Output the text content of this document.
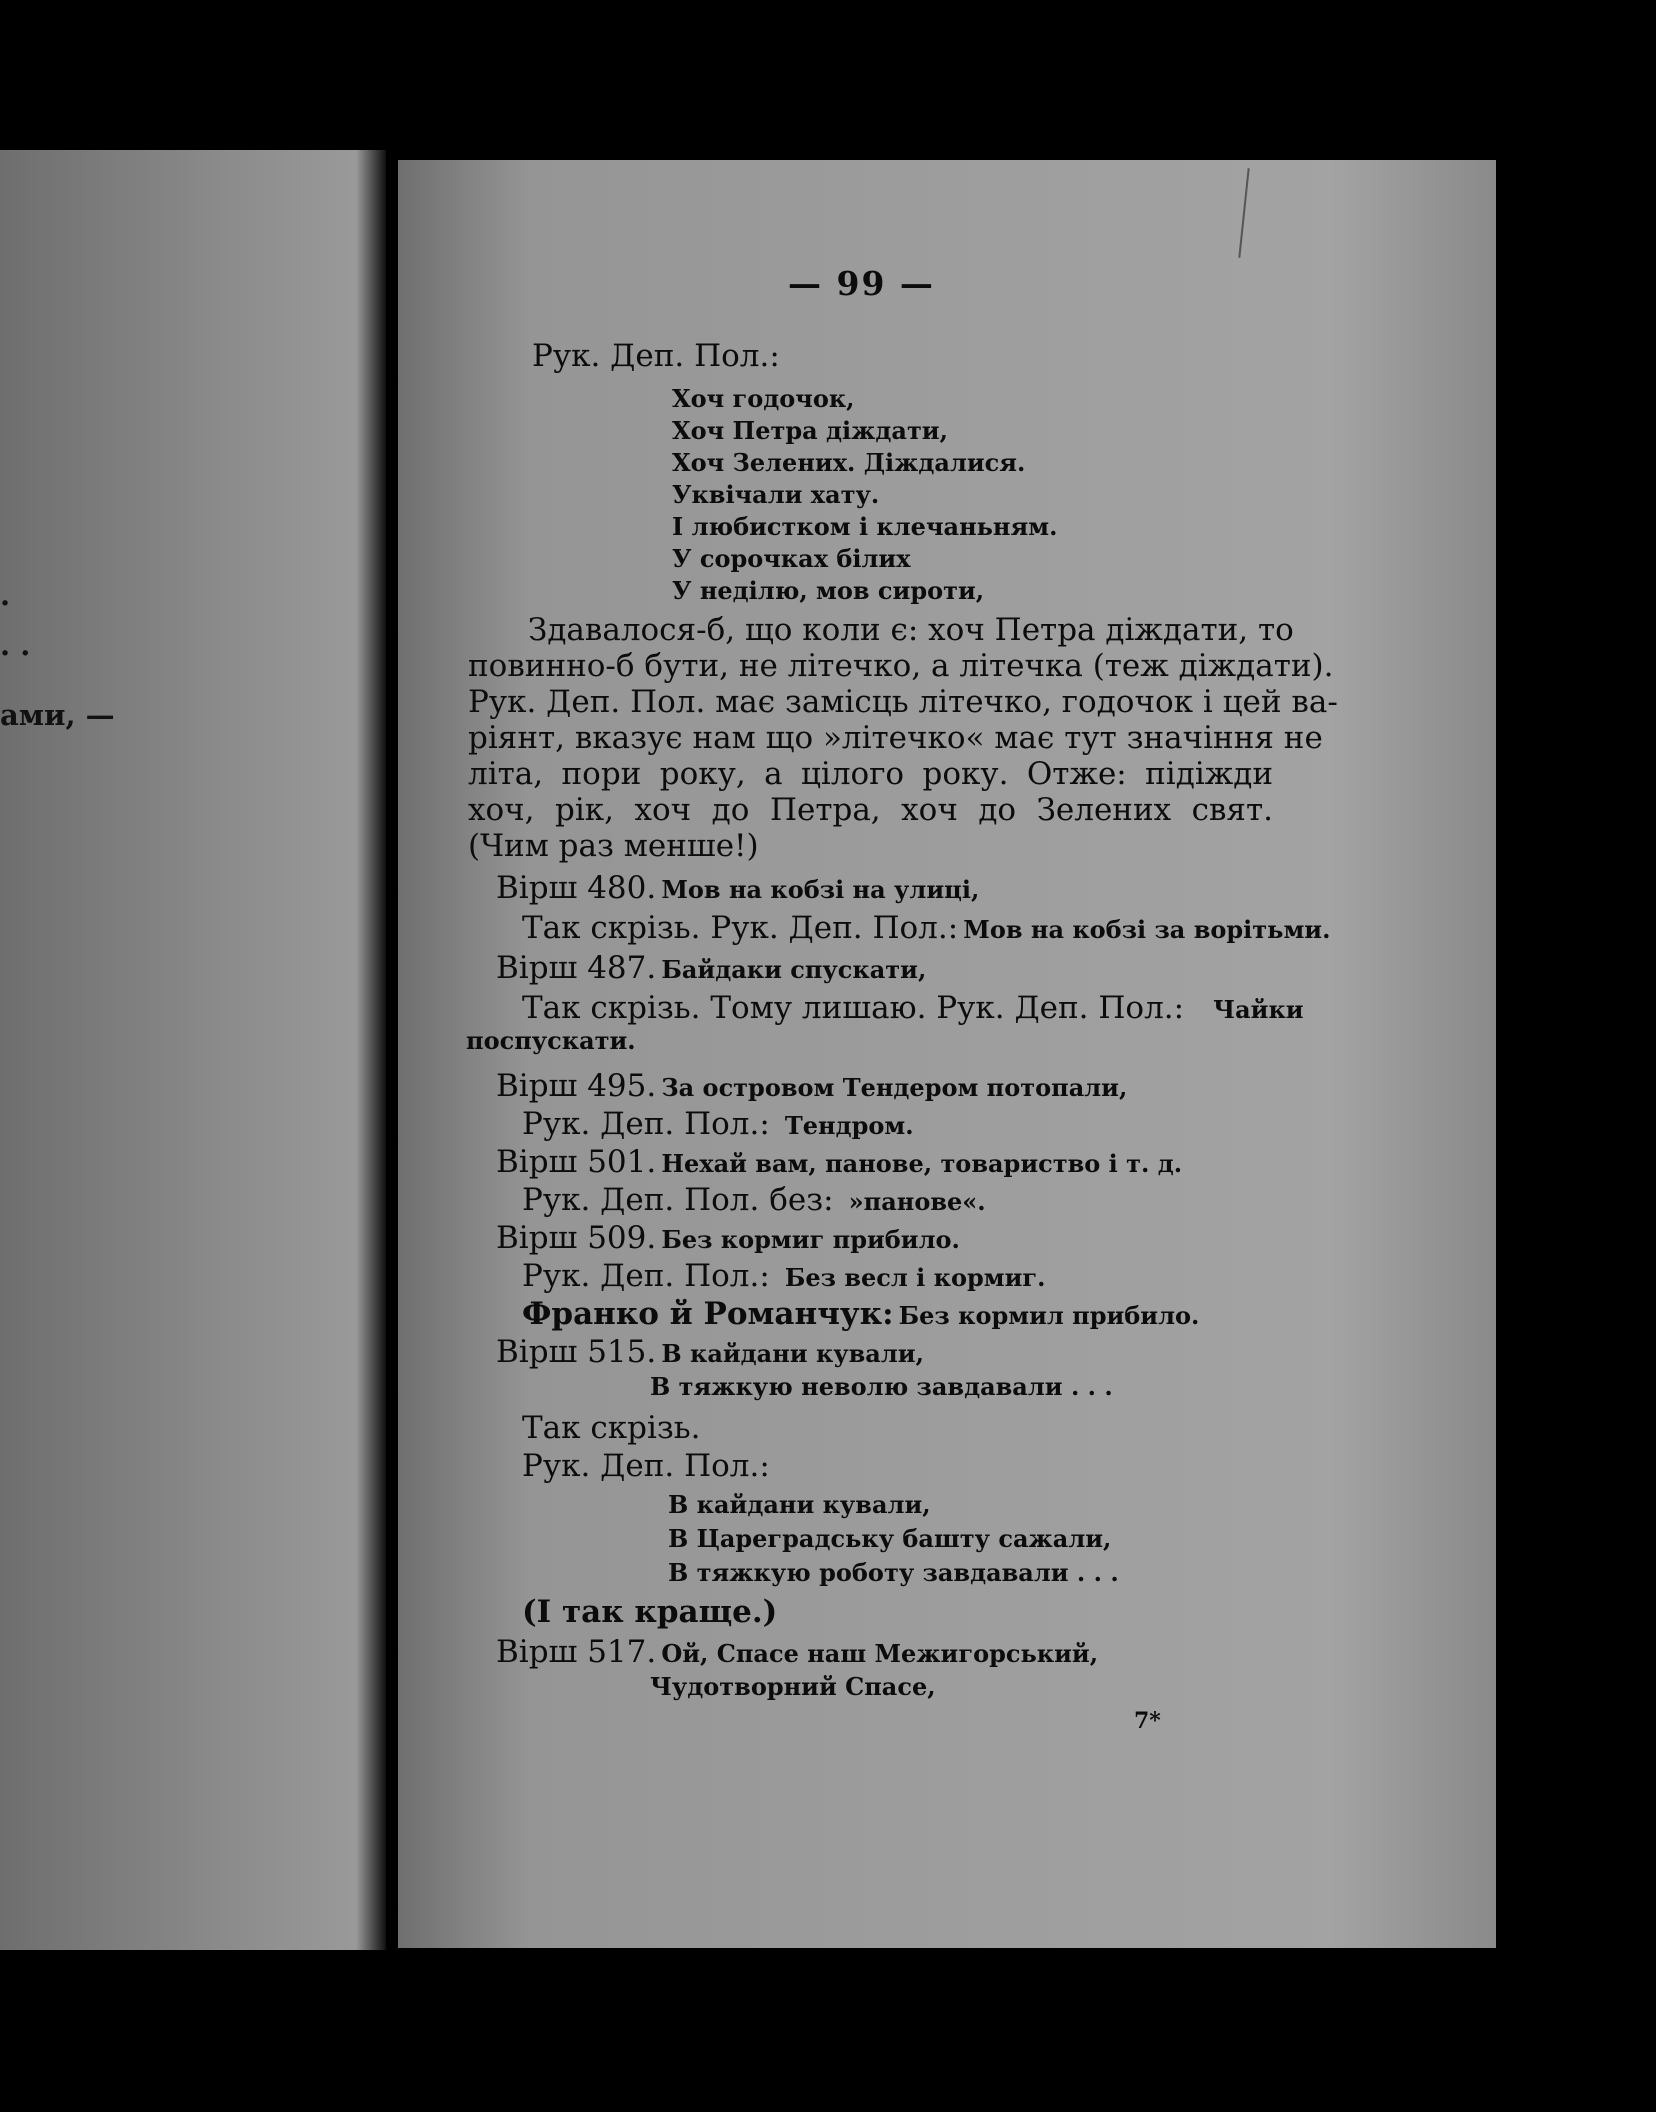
.
. .
ами, —
— 99 —
Рук. Деп. Пол.:
Хоч годочок,
Хоч Петра діждати,
Хоч Зелених. Діждалися.
Уквічали хату.
І любистком і клечаньням.
У сорочках білих
У неділю, мов сироти,
Здавалося-б, що коли є: хоч Петра діждати, то
повинно-б бути, не літечко, а літечка (теж діждати).
Рук. Деп. Пол. має замісць літечко, годочок і цей ва-
ріянт, вказує нам що »літечко« має тут значіння не
літа, пори року, а цілого року. Отже: підіжди
хоч, рік, хоч до Петра, хоч до Зелених свят.
(Чим раз менше!)
Вірш 480. Мов на кобзі на улиці,
Так скрізь. Рук. Деп. Пол.: Мов на кобзі за ворітьми.
Вірш 487. Байдаки спускати,
Так скрізь. Тому лишаю. Рук. Деп. Пол.: Чайки
поспускати.
Вірш 495. За островом Тендером потопали,
Рук. Деп. Пол.: Тендром.
Вірш 501. Нехай вам, панове, товариство і т. д.
Рук. Деп. Пол. без: »панове«.
Вірш 509. Без кормиг прибило.
Рук. Деп. Пол.: Без весл і кормиг.
Франко й Романчук: Без кормил прибило.
Вірш 515. В кайдани кували,
В тяжкую неволю завдавали . . .
Так скрізь.
Рук. Деп. Пол.:
В кайдани кували,
В Цареградську башту сажали,
В тяжкую роботу завдавали . . .
(І так краще.)
Вірш 517. Ой, Спасе наш Межигорський,
Чудотворний Спасе,
7*
